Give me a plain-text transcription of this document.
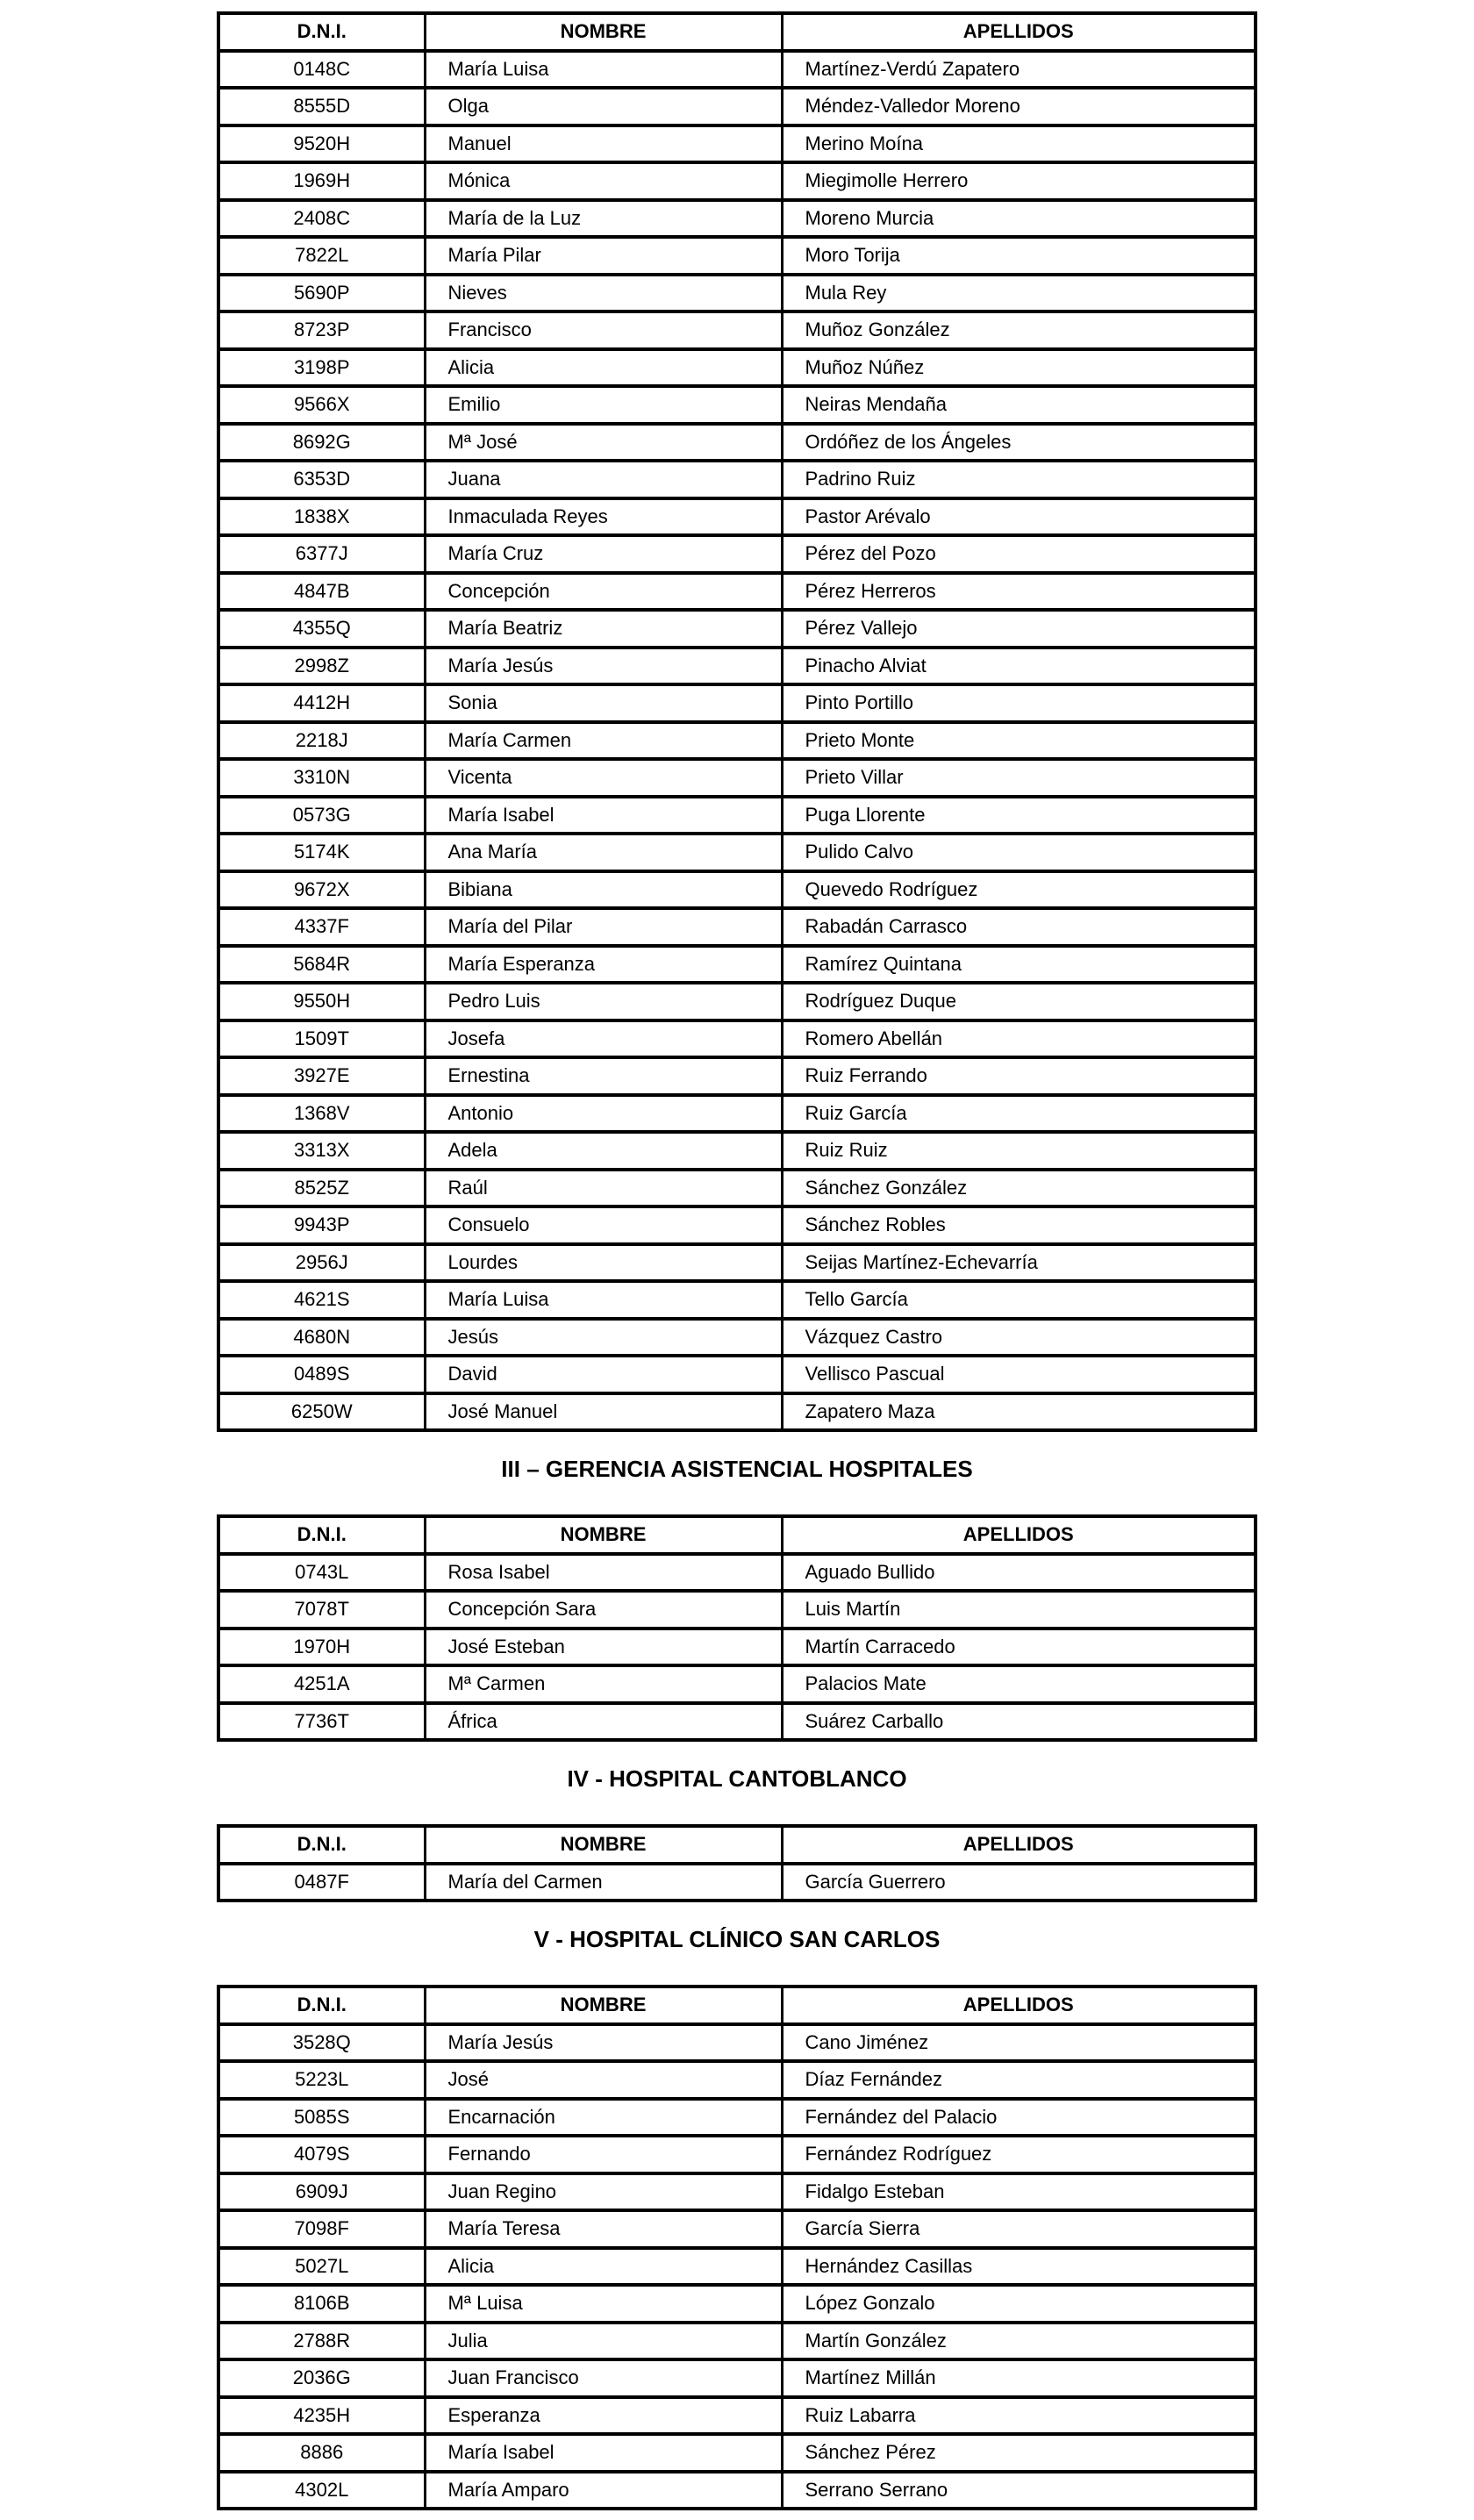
D.N.I.	NOMBRE	APELLIDOS
0148C	María Luisa	Martínez-Verdú Zapatero
8555D	Olga	Méndez-Valledor Moreno
9520H	Manuel	Merino Moína
1969H	Mónica	Miegimolle Herrero
2408C	María de la Luz	Moreno Murcia
7822L	María Pilar	Moro Torija
5690P	Nieves	Mula Rey
8723P	Francisco	Muñoz González
3198P	Alicia	Muñoz Núñez
9566X	Emilio	Neiras Mendaña
8692G	Mª José	Ordóñez de los Ángeles
6353D	Juana	Padrino Ruiz
1838X	Inmaculada Reyes	Pastor Arévalo
6377J	María Cruz	Pérez del Pozo
4847B	Concepción	Pérez Herreros
4355Q	María Beatriz	Pérez Vallejo
2998Z	María Jesús	Pinacho Alviat
4412H	Sonia	Pinto Portillo
2218J	María Carmen	Prieto Monte
3310N	Vicenta	Prieto Villar
0573G	María Isabel	Puga Llorente
5174K	Ana María	Pulido Calvo
9672X	Bibiana	Quevedo Rodríguez
4337F	María del Pilar	Rabadán Carrasco
5684R	María Esperanza	Ramírez Quintana
9550H	Pedro Luis	Rodríguez Duque
1509T	Josefa	Romero Abellán
3927E	Ernestina	Ruiz Ferrando
1368V	Antonio	Ruiz García
3313X	Adela	Ruiz Ruiz
8525Z	Raúl	Sánchez González
9943P	Consuelo	Sánchez Robles
2956J	Lourdes	Seijas Martínez-Echevarría
4621S	María Luisa	Tello García
4680N	Jesús	Vázquez Castro
0489S	David	Vellisco Pascual
6250W	José Manuel	Zapatero Maza
III – GERENCIA ASISTENCIAL HOSPITALES
D.N.I.	NOMBRE	APELLIDOS
0743L	Rosa Isabel	Aguado Bullido
7078T	Concepción Sara	Luis Martín
1970H	José Esteban	Martín Carracedo
4251A	Mª Carmen	Palacios Mate
7736T	África	Suárez Carballo
IV - HOSPITAL CANTOBLANCO
D.N.I.	NOMBRE	APELLIDOS
0487F	María del Carmen	García Guerrero
V - HOSPITAL CLÍNICO SAN CARLOS
D.N.I.	NOMBRE	APELLIDOS
3528Q	María Jesús	Cano Jiménez
5223L	José	Díaz Fernández
5085S	Encarnación	Fernández del Palacio
4079S	Fernando	Fernández Rodríguez
6909J	Juan Regino	Fidalgo Esteban
7098F	María Teresa	García Sierra
5027L	Alicia	Hernández Casillas
8106B	Mª Luisa	López Gonzalo
2788R	Julia	Martín González
2036G	Juan Francisco	Martínez Millán
4235H	Esperanza	Ruiz Labarra
8886	María Isabel	Sánchez Pérez
4302L	María Amparo	Serrano Serrano
